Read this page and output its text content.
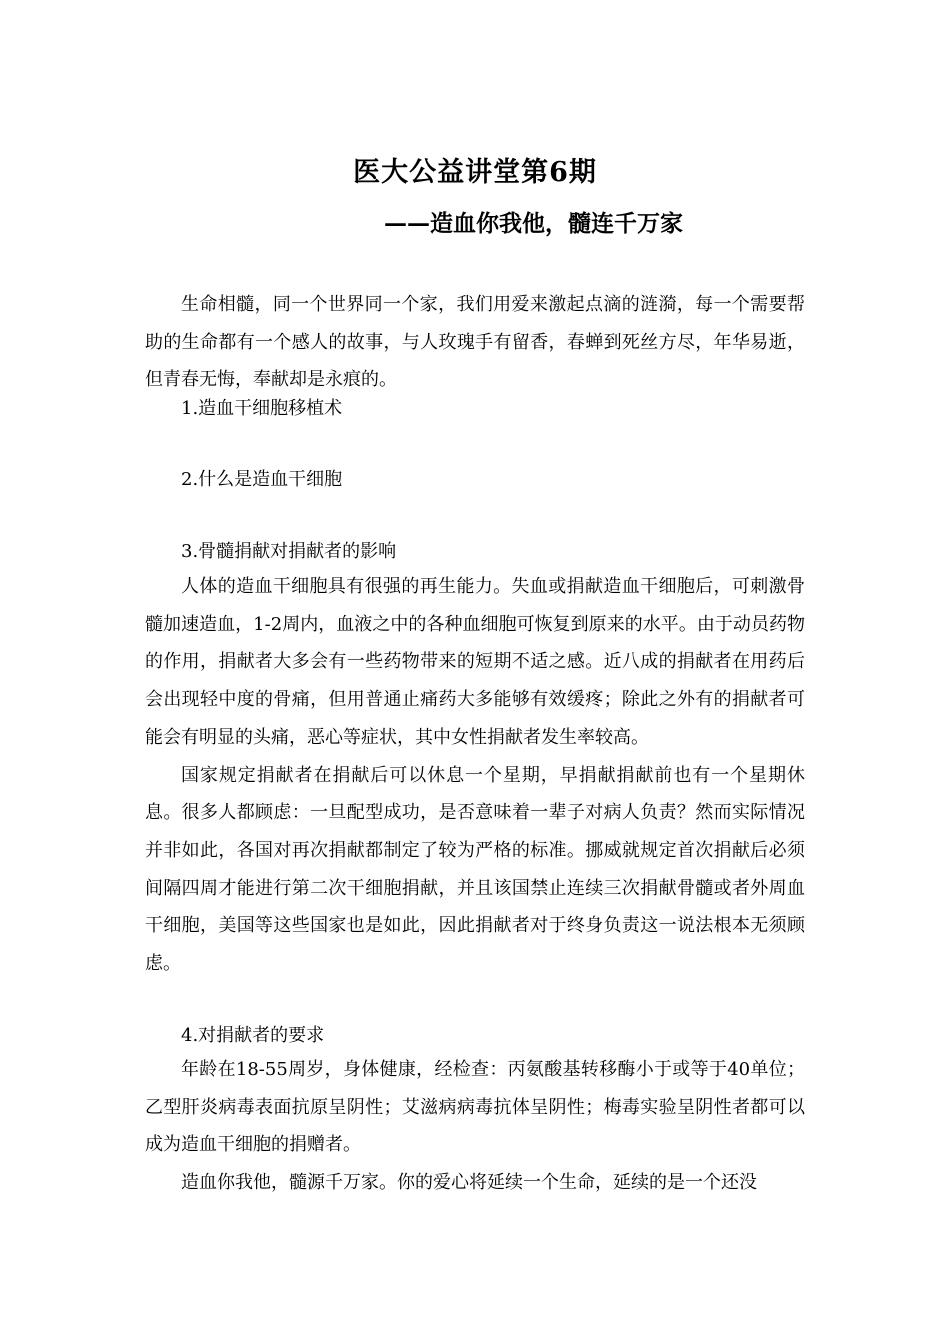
医大公益讲堂第6期
——造血你我他，髓连千万家

生命相髓，同一个世界同一个家，我们用爱来激起点滴的涟漪，每一个需要帮助的生命都有一个感人的故事，与人玫瑰手有留香，春蝉到死丝方尽，年华易逝，但青春无悔，奉献却是永痕的。

1.造血干细胞移植术
2.什么是造血干细胞
3.骨髓捐献对捐献者的影响

人体的造血干细胞具有很强的再生能力。失血或捐献造血干细胞后，可刺激骨髓加速造血，1-2周内，血液之中的各种血细胞可恢复到原来的水平。由于动员药物的作用，捐献者大多会有一些药物带来的短期不适之感。近八成的捐献者在用药后会出现轻中度的骨痛，但用普通止痛药大多能够有效缓疼；除此之外有的捐献者可能会有明显的头痛，恶心等症状，其中女性捐献者发生率较高。

国家规定捐献者在捐献后可以休息一个星期，早捐献捐献前也有一个星期休息。很多人都顾虑：一旦配型成功，是否意味着一辈子对病人负责？然而实际情况并非如此，各国对再次捐献都制定了较为严格的标准。挪威就规定首次捐献后必须间隔四周才能进行第二次干细胞捐献，并且该国禁止连续三次捐献骨髓或者外周血干细胞，美国等这些国家也是如此，因此捐献者对于终身负责这一说法根本无须顾虑。

4.对捐献者的要求

年龄在18-55周岁，身体健康，经检查：丙氨酸基转移酶小于或等于40单位；乙型肝炎病毒表面抗原呈阴性；艾滋病病毒抗体呈阴性；梅毒实验呈阴性者都可以成为造血干细胞的捐赠者。

造血你我他，髓源千万家。你的爱心将延续一个生命，延续的是一个还没
